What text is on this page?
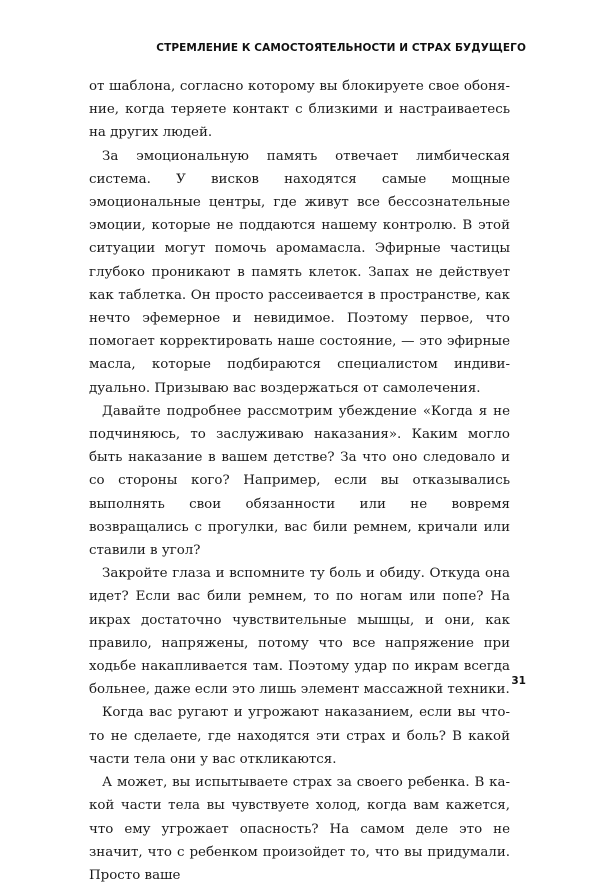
СТРЕМЛЕНИЕ К САМОСТОЯТЕЛЬНОСТИ И СТРАХ БУДУЩЕГО

от шаблона, согласно которому вы блокируете свое обоняние, когда теряете контакт с близкими и настраиваетесь на других людей.

За эмоциональную память отвечает лимбическая система. У висков находятся самые мощные эмоциональные центры, где живут все бессознательные эмоции, которые не поддаются нашему контролю. В этой ситуации могут помочь аромамасла. Эфирные частицы глубоко проникают в память клеток. Запах не действует как таблетка. Он просто рассеивается в пространстве, как нечто эфемерное и невидимое. Поэтому первое, что помогает корректировать наше состояние, — это эфирные масла, которые подбираются специалистом индивидуально. Призываю вас воздержаться от самолечения.

Давайте подробнее рассмотрим убеждение «Когда я не подчиняюсь, то заслуживаю наказания». Каким могло быть наказание в вашем детстве? За что оно следовало и со стороны кого? Например, если вы отказывались выполнять свои обязанности или не вовремя возвращались с прогулки, вас били ремнем, кричали или ставили в угол?

Закройте глаза и вспомните ту боль и обиду. Откуда она идет? Если вас били ремнем, то по ногам или попе? На икрах достаточно чувствительные мышцы, и они, как правило, напряжены, потому что все напряжение при ходьбе накапливается там. Поэтому удар по икрам всегда больнее, даже если это лишь элемент массажной техники.

Когда вас ругают и угрожают наказанием, если вы что-то не сделаете, где находятся эти страх и боль? В какой части тела они у вас откликаются.

А может, вы испытываете страх за своего ребенка. В какой части тела вы чувствуете холод, когда вам кажется, что ему угрожает опасность? На самом деле это не значит, что с ребенком произойдет то, что вы придумали. Просто ваше

31
